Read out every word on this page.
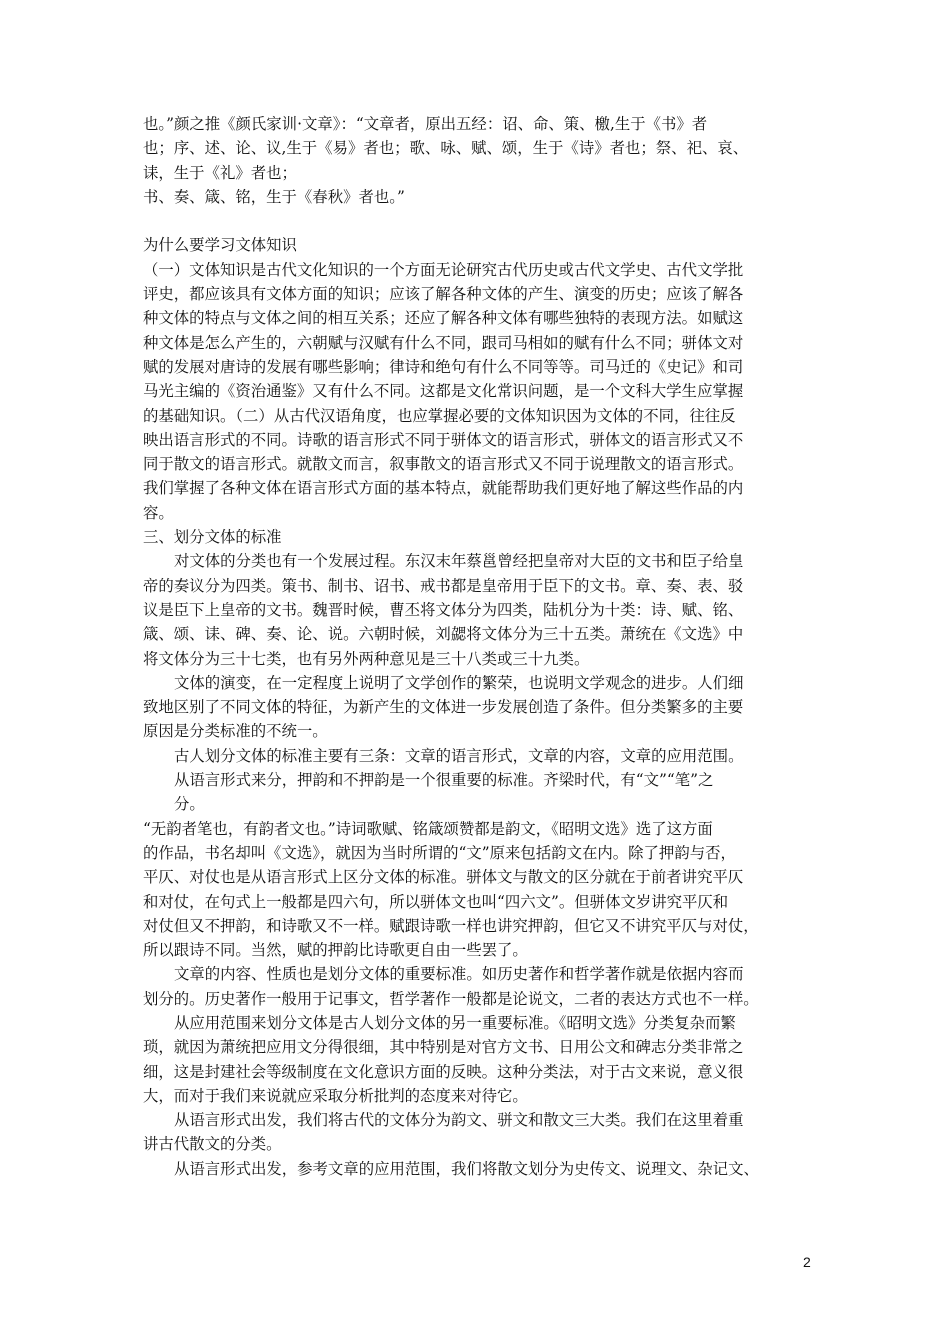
也。”颜之推《颜氏家训·文章》：“文章者，原出五经：诏、命、策、檄,生于《书》者
也；序、述、论、议,生于《易》者也；歌、咏、赋、颂，生于《诗》者也；祭、祀、哀、
诔，生于《礼》者也；
书、奏、箴、铭，生于《春秋》者也。”
为什么要学习文体知识
（一）文体知识是古代文化知识的一个方面无论研究古代历史或古代文学史、古代文学批
评史，都应该具有文体方面的知识；应该了解各种文体的产生、演变的历史；应该了解各
种文体的特点与文体之间的相互关系；还应了解各种文体有哪些独特的表现方法。如赋这
种文体是怎么产生的，六朝赋与汉赋有什么不同，跟司马相如的赋有什么不同；骈体文对
赋的发展对唐诗的发展有哪些影响；律诗和绝句有什么不同等等。司马迁的《史记》和司
马光主编的《资治通鉴》又有什么不同。这都是文化常识问题，是一个文科大学生应掌握
的基础知识。（二）从古代汉语角度，也应掌握必要的文体知识因为文体的不同，往往反
映出语言形式的不同。诗歌的语言形式不同于骈体文的语言形式，骈体文的语言形式又不
同于散文的语言形式。就散文而言，叙事散文的语言形式又不同于说理散文的语言形式。
我们掌握了各种文体在语言形式方面的基本特点，就能帮助我们更好地了解这些作品的内
容。
三、划分文体的标准
对文体的分类也有一个发展过程。东汉末年蔡邕曾经把皇帝对大臣的文书和臣子给皇
帝的奏议分为四类。策书、制书、诏书、戒书都是皇帝用于臣下的文书。章、奏、表、驳
议是臣下上皇帝的文书。魏晋时候，曹丕将文体分为四类，陆机分为十类：诗、赋、铭、
箴、颂、诔、碑、奏、论、说。六朝时候，刘勰将文体分为三十五类。萧统在《文选》中
将文体分为三十七类，也有另外两种意见是三十八类或三十九类。
文体的演变，在一定程度上说明了文学创作的繁荣，也说明文学观念的进步。人们细
致地区别了不同文体的特征，为新产生的文体进一步发展创造了条件。但分类繁多的主要
原因是分类标准的不统一。
古人划分文体的标准主要有三条：文章的语言形式，文章的内容，文章的应用范围。
从语言形式来分，押韵和不押韵是一个很重要的标准。齐梁时代，有“文”“笔”之
分。
“无韵者笔也，有韵者文也。”诗词歌赋、铭箴颂赞都是韵文，《昭明文选》选了这方面
的作品，书名却叫《文选》，就因为当时所谓的“文”原来包括韵文在内。除了押韵与否，
平仄、对仗也是从语言形式上区分文体的标准。骈体文与散文的区分就在于前者讲究平仄
和对仗，在句式上一般都是四六句，所以骈体文也叫“四六文”。但骈体文岁讲究平仄和
对仗但又不押韵，和诗歌又不一样。赋跟诗歌一样也讲究押韵，但它又不讲究平仄与对仗，
所以跟诗不同。当然，赋的押韵比诗歌更自由一些罢了。
文章的内容、性质也是划分文体的重要标准。如历史著作和哲学著作就是依据内容而
划分的。历史著作一般用于记事文，哲学著作一般都是论说文，二者的表达方式也不一样。
从应用范围来划分文体是古人划分文体的另一重要标准。《昭明文选》分类复杂而繁
琐，就因为萧统把应用文分得很细，其中特别是对官方文书、日用公文和碑志分类非常之
细，这是封建社会等级制度在文化意识方面的反映。这种分类法，对于古文来说，意义很
大，而对于我们来说就应采取分析批判的态度来对待它。
从语言形式出发，我们将古代的文体分为韵文、骈文和散文三大类。我们在这里着重
讲古代散文的分类。
从语言形式出发，参考文章的应用范围，我们将散文划分为史传文、说理文、杂记文、
2
